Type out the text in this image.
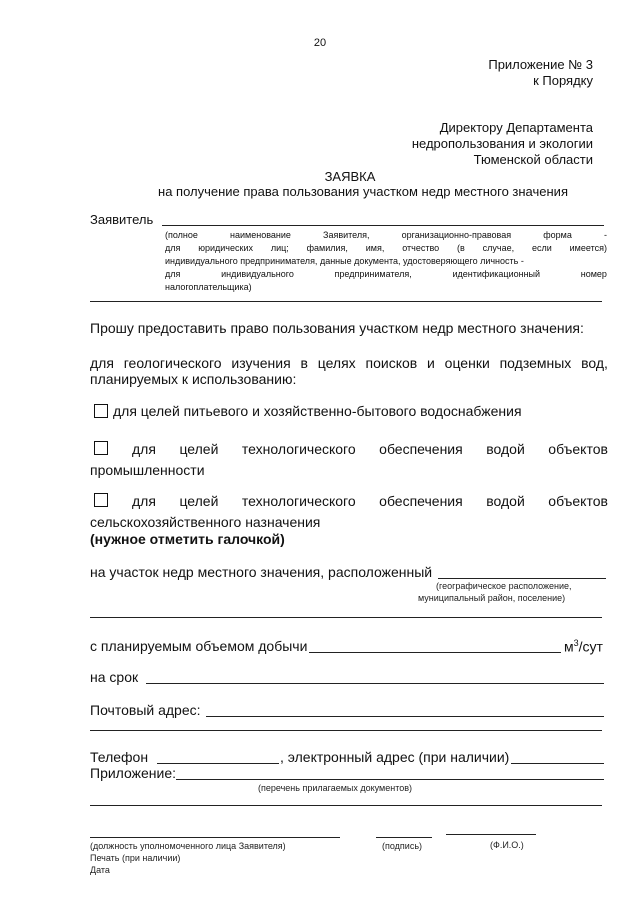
20
Приложение № 3
к Порядку
Директору Департамента
недропользования и экологии
Тюменской области
ЗАЯВКА
на получение права пользования участком недр местного значения
Заявитель
(полное	наименование	Заявителя,	организационно-правовая	форма	-
для юридических лиц; фамилия, имя, отчество (в случае, если имеется)
индивидуального предпринимателя, данные документа, удостоверяющего личность -
для	индивидуального	предпринимателя,	идентификационный	номер
налогоплательщика)
Прошу предоставить право пользования участком недр местного значения:
для геологического изучения в целях поисков и оценки подземных вод,
планируемых к использованию:
для целей питьевого и хозяйственно-бытового водоснабжения
для целей технологического обеспечения водой объектов
промышленности
для целей технологического обеспечения водой объектов
сельскохозяйственного назначения
(нужное отметить галочкой)
на участок недр местного значения, расположенный
(географическое расположение,
муниципальный район, поселение)
с планируемым объемом добычи	$м^3$/сут
на срок
Почтовый адрес:
Телефон	, электронный адрес (при наличии)
Приложение:
(перечень прилагаемых документов)
(должность уполномоченного лица Заявителя)	(подпись)	(Ф.И.О.)
Печать (при наличии)
Дата
